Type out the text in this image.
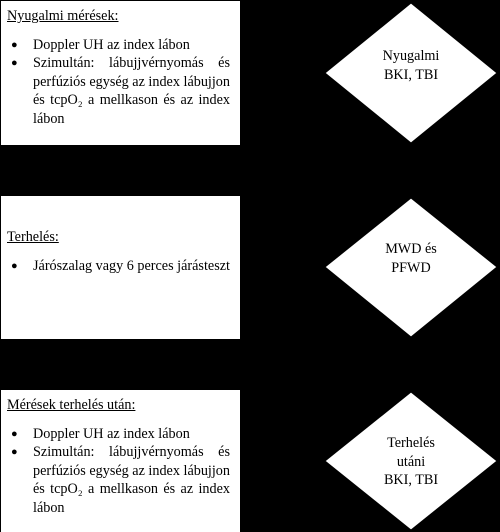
Nyugalmi mérések:
● Doppler UH az index lábon
● Szimultán: lábujjvérnyomás és perfúziós egység az index lábujjon és tcpO₂ a mellkason és az index lábon
Nyugalmi
BKI, TBI
Terhelés:
● Járószalag vagy 6 perces járásteszt
MWD és
PFWD
Mérések terhelés után:
● Doppler UH az index lábon
● Szimultán: lábujjvérnyomás és perfúziós egység az index lábujjon és tcpO₂ a mellkason és az index lábon
Terhelés
utáni
BKI, TBI
